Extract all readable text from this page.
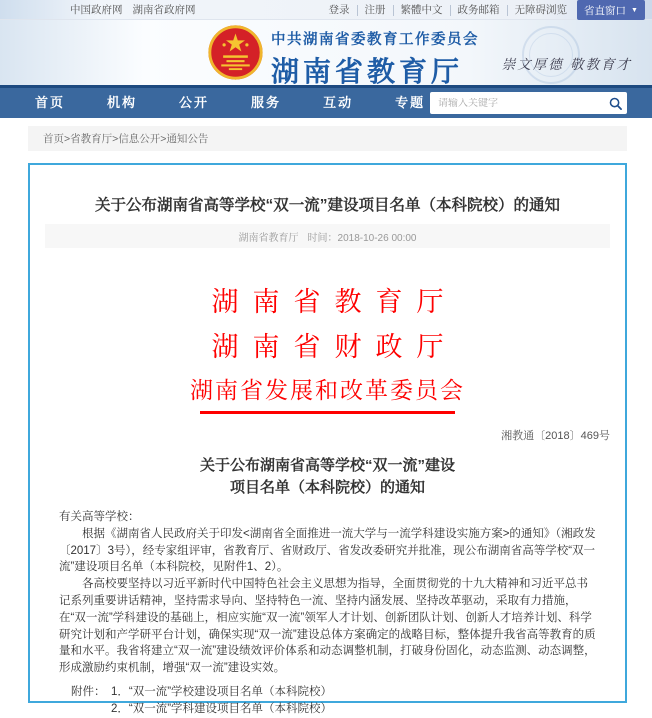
中国政府网 湖南省政府网	登录	注册	繁體中文	政务邮箱	无障碍浏览	省直窗口 ▼
中共湖南省委教育工作委员会
湖南省教育厅	崇文厚德 敬教育才
首页	机构	公开	服务	互动	专题
请输入关键字
首页>省教育厅>信息公开>通知公告
关于公布湖南省高等学校“双一流”建设项目名单（本科院校）的通知
湖南省教育厅 时间：2018-10-26 00:00
湖南省教育厅
湖南省财政厅
湖南省发展和改革委员会
湘教通〔2018〕469号
关于公布湖南省高等学校“双一流”建设
项目名单（本科院校）的通知
有关高等学校：

根据《湖南省人民政府关于印发<湖南省全面推进一流大学与一流学科建设实施方案>的通知》（湘政发〔2017〕3号），经专家组评审，省教育厅、省财政厅、省发改委研究并批准，现公布湖南省高等学校“双一流”建设项目名单（本科院校，见附件1、2）。

各高校要坚持以习近平新时代中国特色社会主义思想为指导，全面贯彻党的十九大精神和习近平总书记系列重要讲话精神，坚持需求导向、坚持特色一流、坚持内涵发展、坚持改革驱动，采取有力措施，在“双一流”学科建设的基础上，相应实施“双一流”领军人才计划、创新团队计划、创新人才培养计划、科学研究计划和产学研平台计划，确保实现“双一流”建设总体方案确定的战略目标，整体提升我省高等教育的质量和水平。我省将建立“双一流”建设绩效评价体系和动态调整机制，打破身份固化，动态监测、动态调整，形成激励约束机制，增强“双一流”建设实效。

附件： 1．“双一流”学校建设项目名单（本科院校）
2．“双一流”学科建设项目名单（本科院校）
